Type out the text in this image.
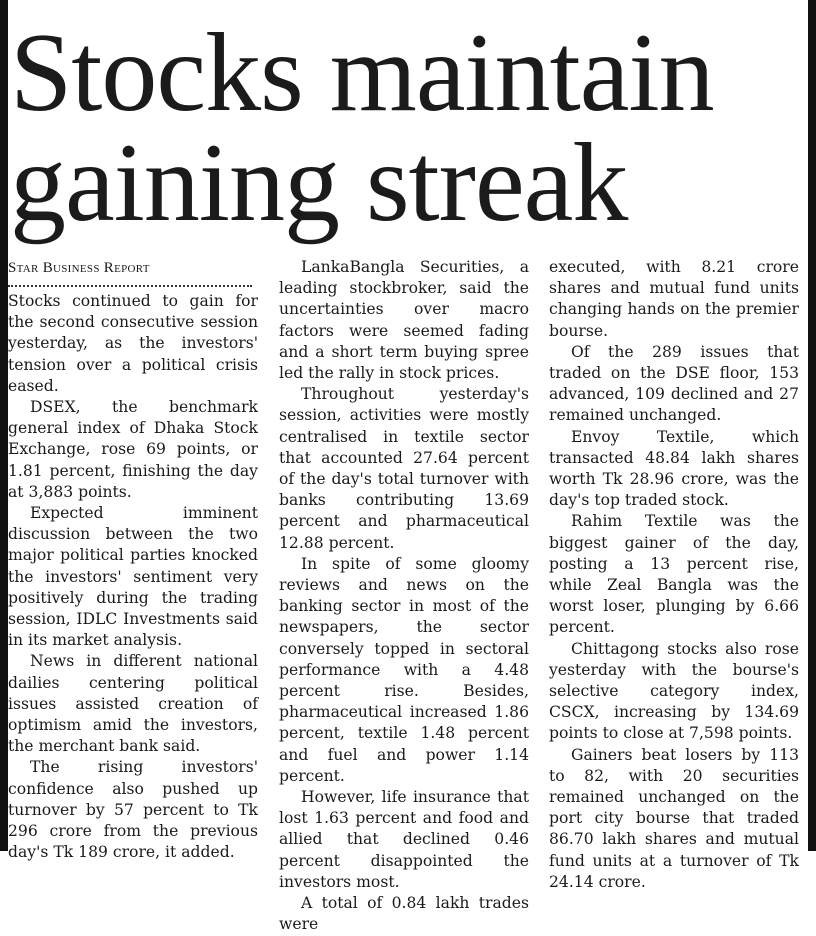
Stocks maintain
gaining streak
Star Business Report

Stocks continued to gain for the second consecutive session yesterday, as the investors' tension over a political crisis eased.

DSEX, the benchmark general index of Dhaka Stock Exchange, rose 69 points, or 1.81 percent, finishing the day at 3,883 points.

Expected imminent discussion between the two major political parties knocked the investors' sentiment very positively during the trading session, IDLC Investments said in its market analysis.

News in different national dailies centering political issues assisted creation of optimism amid the investors, the merchant bank said.

The rising investors' confidence also pushed up turnover by 57 percent to Tk 296 crore from the previous day's Tk 189 crore, it added.

LankaBangla Securities, a leading stockbroker, said the uncertainties over macro factors were seemed fading and a short term buying spree led the rally in stock prices.

Throughout yesterday's session, activities were mostly centralised in textile sector that accounted 27.64 percent of the day's total turnover with banks contributing 13.69 percent and pharmaceutical 12.88 percent.

In spite of some gloomy reviews and news on the banking sector in most of the newspapers, the sector conversely topped in sectoral performance with a 4.48 percent rise. Besides, pharmaceutical increased 1.86 percent, textile 1.48 percent and fuel and power 1.14 percent.

However, life insurance that lost 1.63 percent and food and allied that declined 0.46 percent disappointed the investors most.

A total of 0.84 lakh trades were

executed, with 8.21 crore shares and mutual fund units changing hands on the premier bourse.

Of the 289 issues that traded on the DSE floor, 153 advanced, 109 declined and 27 remained unchanged.

Envoy Textile, which transacted 48.84 lakh shares worth Tk 28.96 crore, was the day's top traded stock.

Rahim Textile was the biggest gainer of the day, posting a 13 percent rise, while Zeal Bangla was the worst loser, plunging by 6.66 percent.

Chittagong stocks also rose yesterday with the bourse's selective category index, CSCX, increasing by 134.69 points to close at 7,598 points.

Gainers beat losers by 113 to 82, with 20 securities remained unchanged on the port city bourse that traded 86.70 lakh shares and mutual fund units at a turnover of Tk 24.14 crore.
